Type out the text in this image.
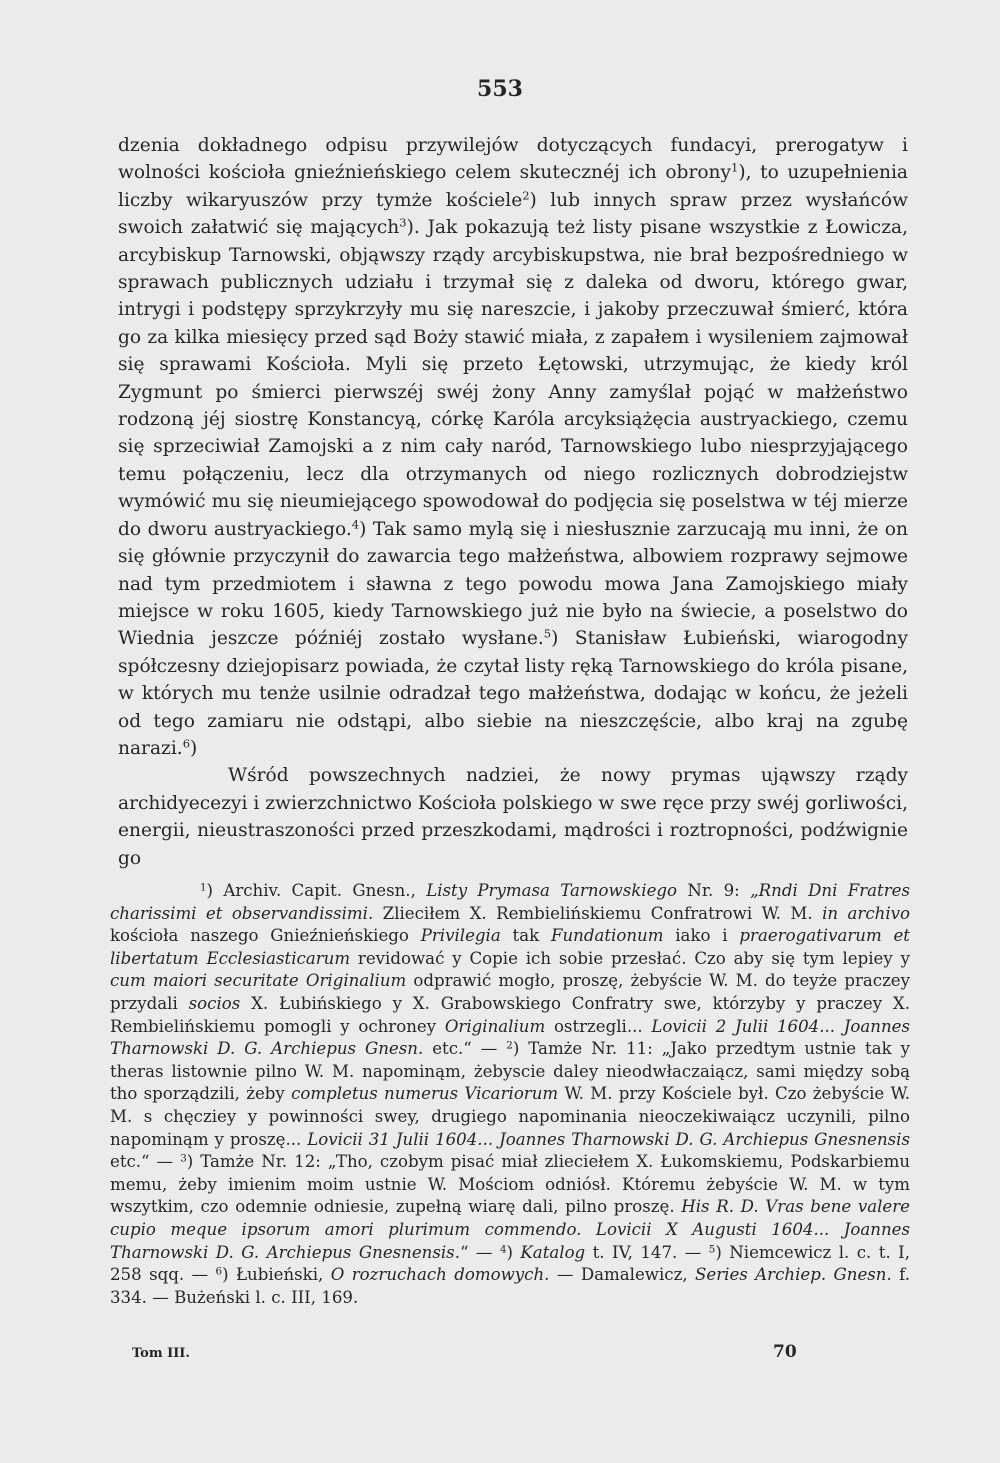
553

dzenia dokładnego odpisu przywilejów dotyczących fundacyi, prerogatyw i wolności kościoła gnieźnieńskiego celem skutecznéj ich obrony$^1$), to uzupełnienia liczby wikaryuszów przy tymże kościele$^2$) lub innych spraw przez wysłańców swoich załatwić się mających$^3$). Jak pokazują też listy pisane wszystkie z Łowicza, arcybiskup Tarnowski, objąwszy rządy arcybiskupstwa, nie brał bezpośredniego w sprawach publicznych udziału i trzymał się z daleka od dworu, którego gwar, intrygi i podstępy sprzykrzyły mu się nareszcie, i jakoby przeczuwał śmierć, która go za kilka miesięcy przed sąd Boży stawić miała, z zapałem i wysileniem zajmował się sprawami Kościoła. Myli się przeto Łętowski, utrzymując, że kiedy król Zygmunt po śmierci pierwszéj swéj żony Anny zamyślał pojąć w małżeństwo rodzoną jéj siostrę Konstancyą, córkę Karóla arcyksiążęcia austryackiego, czemu się sprzeciwiał Zamojski a z nim cały naród, Tarnowskiego lubo niesprzyjającego temu połączeniu, lecz dla otrzymanych od niego rozlicznych dobrodziejstw wymówić mu się nieumiejącego spowodował do podjęcia się poselstwa w téj mierze do dworu austryackiego.$^4$) Tak samo mylą się i niesłusznie zarzucają mu inni, że on się głównie przyczynił do zawarcia tego małżeństwa, albowiem rozprawy sejmowe nad tym przedmiotem i sławna z tego powodu mowa Jana Zamojskiego miały miejsce w roku 1605, kiedy Tarnowskiego już nie było na świecie, a poselstwo do Wiednia jeszcze późniéj zostało wysłane.$^5$) Stanisław Łubieński, wiarogodny spółczesny dziejopisarz powiada, że czytał listy ręką Tarnowskiego do króla pisane, w których mu tenże usilnie odradzał tego małżeństwa, dodając w końcu, że jeżeli od tego zamiaru nie odstąpi, albo siebie na nieszczęście, albo kraj na zgubę narazi.$^6$)

Wśród powszechnych nadziei, że nowy prymas ująwszy rządy archidyecezyi i zwierzchnictwo Kościoła polskiego w swe ręce przy swéj gorliwości, energii, nieustraszoności przed przeszkodami, mądrości i roztropności, podźwignie go

$^1$) Archiv. Capit. Gnesn., Listy Prymasa Tarnowskiego Nr. 9: „Rndi Dni Fratres charissimi et observandissimi. Zlieciłem X. Rembielińskiemu Confratrowi W. M. in archivo kościoła naszego Gnieźnieńskiego Privilegia tak Fundationum iako i praerogativarum et libertatum Ecclesiasticarum revidować y Copie ich sobie przesłać. Czo aby się tym lepiey y cum maiori securitate Originalium odprawić mogło, proszę, żebyście W. M. do teyże praczey przydali socios X. Łubińskiego y X. Grabowskiego Confratry swe, którzyby y praczey X. Rembielińskiemu pomogli y ochroney Originalium ostrzegli... Lovicii 2 Julii 1604... Joannes Tharnowski D. G. Archiepus Gnesn. etc.“ — $^2$) Tamże Nr. 11: „Jako przedtym ustnie tak y theras listownie pilno W. M. napominąm, żebyscie daley nieodwłaczaiącz, sami między sobą tho sporządzili, żeby completus numerus Vicariorum W. M. przy Kościele był. Czo żebyście W. M. s chęcziey y powinności swey, drugiego napominania nieoczekiwaiącz uczynili, pilno napominąm y proszę... Lovicii 31 Julii 1604... Joannes Tharnowski D. G. Archiepus Gnesnensis etc.“ — $^3$) Tamże Nr. 12: „Tho, czobym pisać miał zlieciełem X. Łukomskiemu, Podskarbiemu memu, żeby imienim moim ustnie W. Mościom odniósł. Któremu żebyście W. M. w tym wszytkim, czo odemnie odniesie, zupełną wiarę dali, pilno proszę. His R. D. Vras bene valere cupio meque ipsorum amori plurimum commendo. Lovicii X Augusti 1604... Joannes Tharnowski D. G. Archiepus Gnesnensis.“ — $^4$) Katalog t. IV, 147. — $^5$) Niemcewicz l. c. t. I, 258 sqq. — $^6$) Łubieński, O rozruchach domowych. — Damalewicz, Series Archiep. Gnesn. f. 334. — Bużeński l. c. III, 169.

Tom III.	70
